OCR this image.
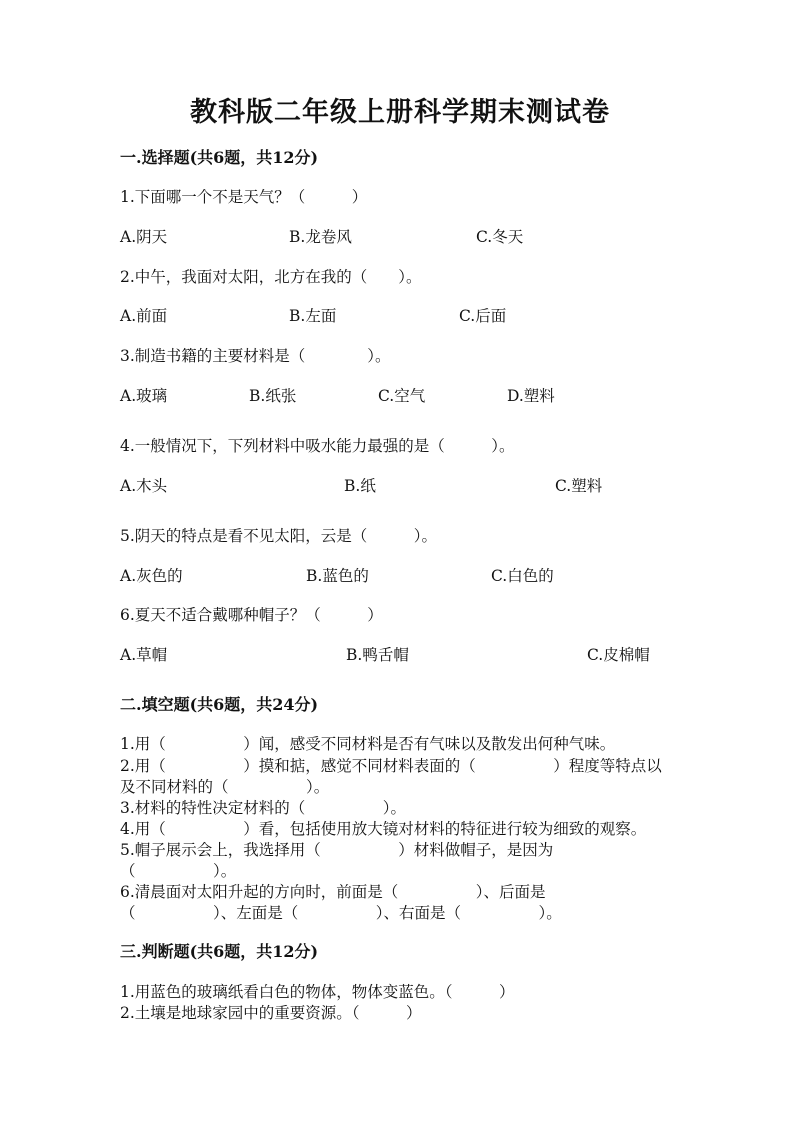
教科版二年级上册科学期末测试卷
一.选择题(共6题，共12分)
1.下面哪一个不是天气？（　　　）
A.阴天	B.龙卷风	C.冬天
2.中午，我面对太阳，北方在我的（　　）。
A.前面	B.左面	C.后面
3.制造书籍的主要材料是（　　　　）。
A.玻璃	B.纸张	C.空气	D.塑料
4.一般情况下，下列材料中吸水能力最强的是（　　　）。
A.木头	B.纸	C.塑料
5.阴天的特点是看不见太阳，云是（　　　）。
A.灰色的	B.蓝色的	C.白色的
6.夏天不适合戴哪种帽子？（　　　）
A.草帽	B.鸭舌帽	C.皮棉帽
二.填空题(共6题，共24分)
1.用（　　　　　）闻，感受不同材料是否有气味以及散发出何种气味。
2.用（　　　　　）摸和掂，感觉不同材料表面的（　　　　　）程度等特点以
及不同材料的（　　　　　）。
3.材料的特性决定材料的（　　　　　）。
4.用（　　　　　）看，包括使用放大镜对材料的特征进行较为细致的观察。
5.帽子展示会上，我选择用（　　　　　）材料做帽子，是因为
（　　　　　）。
6.清晨面对太阳升起的方向时，前面是（　　　　　）、后面是
（　　　　　）、左面是（　　　　　）、右面是（　　　　　）。
三.判断题(共6题，共12分)
1.用蓝色的玻璃纸看白色的物体，物体变蓝色。（　　　）
2.土壤是地球家园中的重要资源。（　　　）
